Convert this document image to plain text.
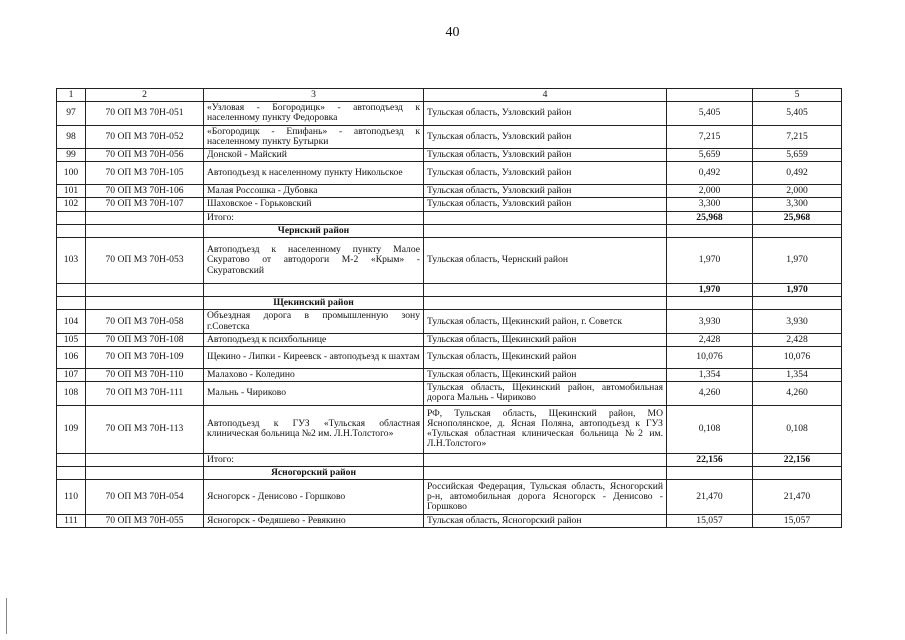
40
1	2	3	4		5
97	70 ОП МЗ 70Н-051	«Узловая - Богородицк» - автоподъезд к населенному пункту Федоровка	Тульская область, Узловский район	5,405	5,405
98	70 ОП МЗ 70Н-052	«Богородицк - Епифань» - автоподъезд к населенному пункту Бутырки	Тульская область, Узловский район	7,215	7,215
99	70 ОП МЗ 70Н-056	Донской - Майский	Тульская область, Узловский район	5,659	5,659
100	70 ОП МЗ 70Н-105	Автоподъезд к населенному пункту Никольское	Тульская область, Узловский район	0,492	0,492
101	70 ОП МЗ 70Н-106	Малая Россошка - Дубовка	Тульская область, Узловский район	2,000	2,000
102	70 ОП МЗ 70Н-107	Шаховское - Горьковский	Тульская область, Узловский район	3,300	3,300
		Итого:		25,968	25,968
		Чернский район			
103	70 ОП МЗ 70Н-053	Автоподъезд к населенному пункту Малое Скуратово от автодороги М-2 «Крым» - Скуратовский	Тульская область, Чернский район	1,970	1,970
				1,970	1,970
		Щекинский район			
104	70 ОП МЗ 70Н-058	Объездная дорога в промышленную зону г.Советска	Тульская область, Щекинский район, г. Советск	3,930	3,930
105	70 ОП МЗ 70Н-108	Автоподъезд к психбольнице	Тульская область, Щекинский район	2,428	2,428
106	70 ОП МЗ 70Н-109	Щекино - Липки - Киреевск - автоподъезд к шахтам	Тульская область, Щекинский район	10,076	10,076
107	70 ОП МЗ 70Н-110	Малахово - Коледино	Тульская область, Щекинский район	1,354	1,354
108	70 ОП МЗ 70Н-111	Мальнь - Чириково	Тульская область, Щекинский район, автомобильная дорога Мальнь - Чириково	4,260	4,260
109	70 ОП МЗ 70Н-113	Автоподъезд к ГУЗ «Тульская областная клиническая больница №2 им. Л.Н.Толстого»	РФ, Тульская область, Щекинский район, МО Яснополянское, д. Ясная Поляна, автоподъезд к ГУЗ «Тульская областная клиническая больница №2 им. Л.Н.Толстого»	0,108	0,108
		Итого:		22,156	22,156
		Ясногорский район			
110	70 ОП МЗ 70Н-054	Ясногорск - Денисово - Горшково	Российская Федерация, Тульская область, Ясногорский р-н, автомобильная дорога Ясногорск - Денисово - Горшково	21,470	21,470
111	70 ОП МЗ 70Н-055	Ясногорск - Федяшево - Ревякино	Тульская область, Ясногорский район	15,057	15,057
